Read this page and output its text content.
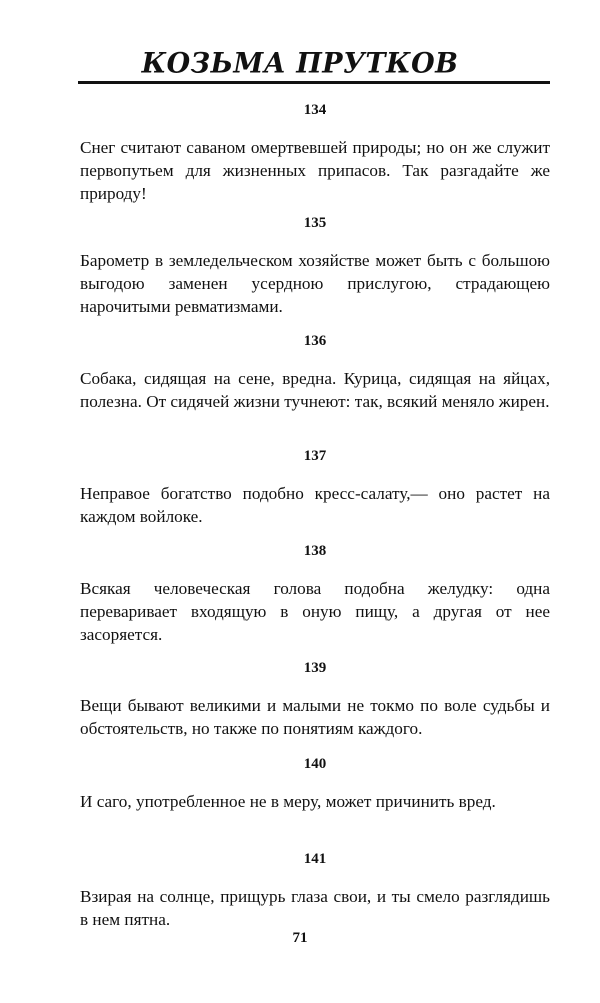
КОЗЬМА ПРУТКОВ
134
Снег считают саваном омертвевшей природы; но он же служит первопутьем для жизненных припасов. Так разгадайте же природу!
135
Барометр в земледельческом хозяйстве может быть с большою выгодою заменен усердною прислугою, страдающею нарочитыми ревматизмами.
136
Собака, сидящая на сене, вредна. Курица, сидящая на яйцах, полезна. От сидячей жизни тучнеют: так, всякий меняло жирен.
137
Неправое богатство подобно кресс-салату,— оно растет на каждом войлоке.
138
Всякая человеческая голова подобна желудку: одна переваривает входящую в оную пищу, а другая от нее засоряется.
139
Вещи бывают великими и малыми не токмо по воле судьбы и обстоятельств, но также по понятиям каждого.
140
И саго, употребленное не в меру, может причинить вред.
141
Взирая на солнце, прищурь глаза свои, и ты смело разглядишь в нем пятна.
71
